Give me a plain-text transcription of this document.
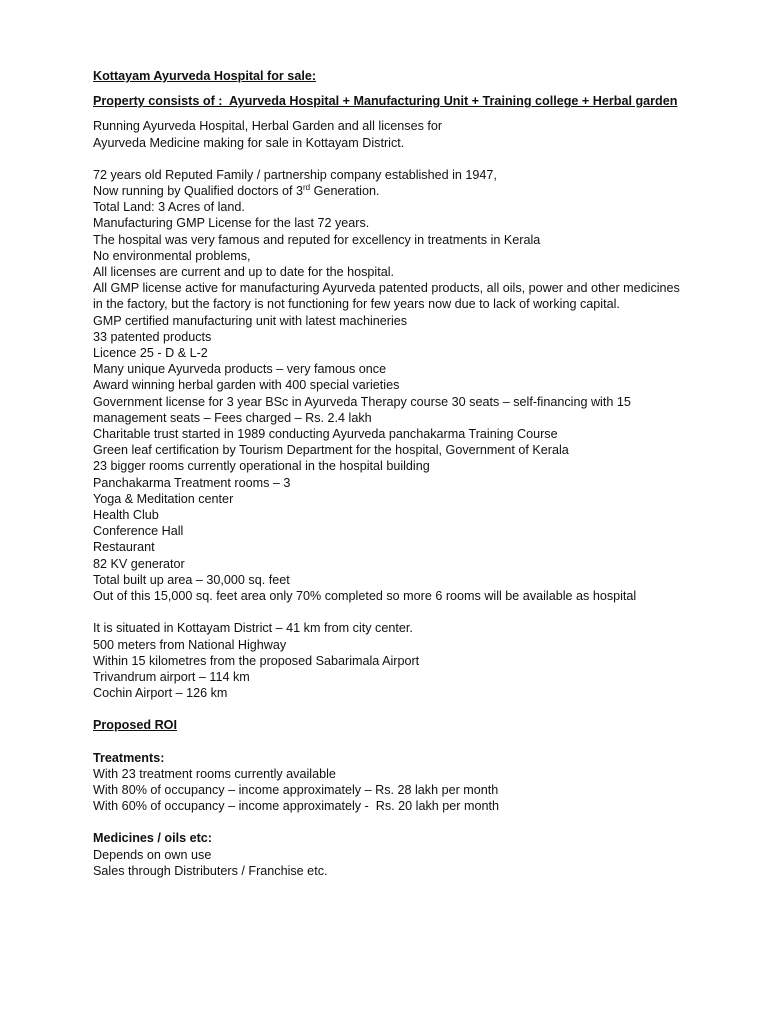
Kottayam Ayurveda Hospital for sale:
Property consists of :  Ayurveda Hospital + Manufacturing Unit + Training college + Herbal garden
Running Ayurveda Hospital, Herbal Garden and all licenses for
Ayurveda Medicine making for sale in Kottayam District.
72 years old Reputed Family / partnership company established in 1947,
Now running by Qualified doctors of 3rd Generation.
Total Land: 3 Acres of land.
Manufacturing GMP License for the last 72 years.
The hospital was very famous and reputed for excellency in treatments in Kerala
No environmental problems,
All licenses are current and up to date for the hospital.
All GMP license active for manufacturing Ayurveda patented products, all oils, power and other medicines in the factory, but the factory is not functioning for few years now due to lack of working capital.
GMP certified manufacturing unit with latest machineries
33 patented products
Licence 25 - D & L-2
Many unique Ayurveda products – very famous once
Award winning herbal garden with 400 special varieties
Government license for 3 year BSc in Ayurveda Therapy course 30 seats – self-financing with 15 management seats – Fees charged – Rs. 2.4 lakh
Charitable trust started in 1989 conducting Ayurveda panchakarma Training Course
Green leaf certification by Tourism Department for the hospital, Government of Kerala
23 bigger rooms currently operational in the hospital building
Panchakarma Treatment rooms – 3
Yoga & Meditation center
Health Club
Conference Hall
Restaurant
82 KV generator
Total built up area – 30,000 sq. feet
Out of this 15,000 sq. feet area only 70% completed so more 6 rooms will be available as hospital
It is situated in Kottayam District – 41 km from city center.
500 meters from National Highway
Within 15 kilometres from the proposed Sabarimala Airport
Trivandrum airport – 114 km
Cochin Airport – 126 km
Proposed ROI
Treatments:
With 23 treatment rooms currently available
With 80% of occupancy – income approximately – Rs. 28 lakh per month
With 60% of occupancy – income approximately -  Rs. 20 lakh per month
Medicines / oils etc:
Depends on own use
Sales through Distributers / Franchise etc.
